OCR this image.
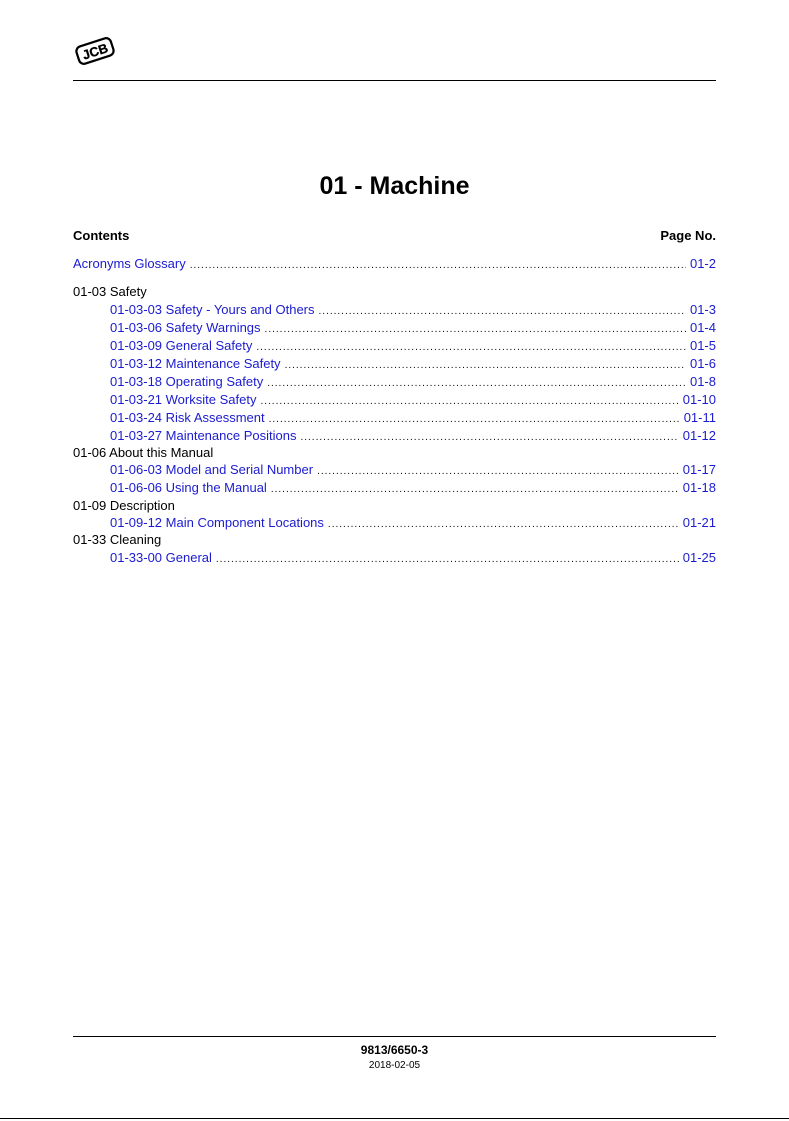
JCB
01 - Machine
Contents	Page No.
Acronyms Glossary .....	01-2
01-03 Safety
01-03-03 Safety - Yours and Others .....	01-3
01-03-06 Safety Warnings .....	01-4
01-03-09 General Safety .....	01-5
01-03-12 Maintenance Safety .....	01-6
01-03-18 Operating Safety .....	01-8
01-03-21 Worksite Safety .....	01-10
01-03-24 Risk Assessment .....	01-11
01-03-27 Maintenance Positions .....	01-12
01-06 About this Manual
01-06-03 Model and Serial Number .....	01-17
01-06-06 Using the Manual .....	01-18
01-09 Description
01-09-12 Main Component Locations .....	01-21
01-33 Cleaning
01-33-00 General .....	01-25
9813/6650-3
2018-02-05
